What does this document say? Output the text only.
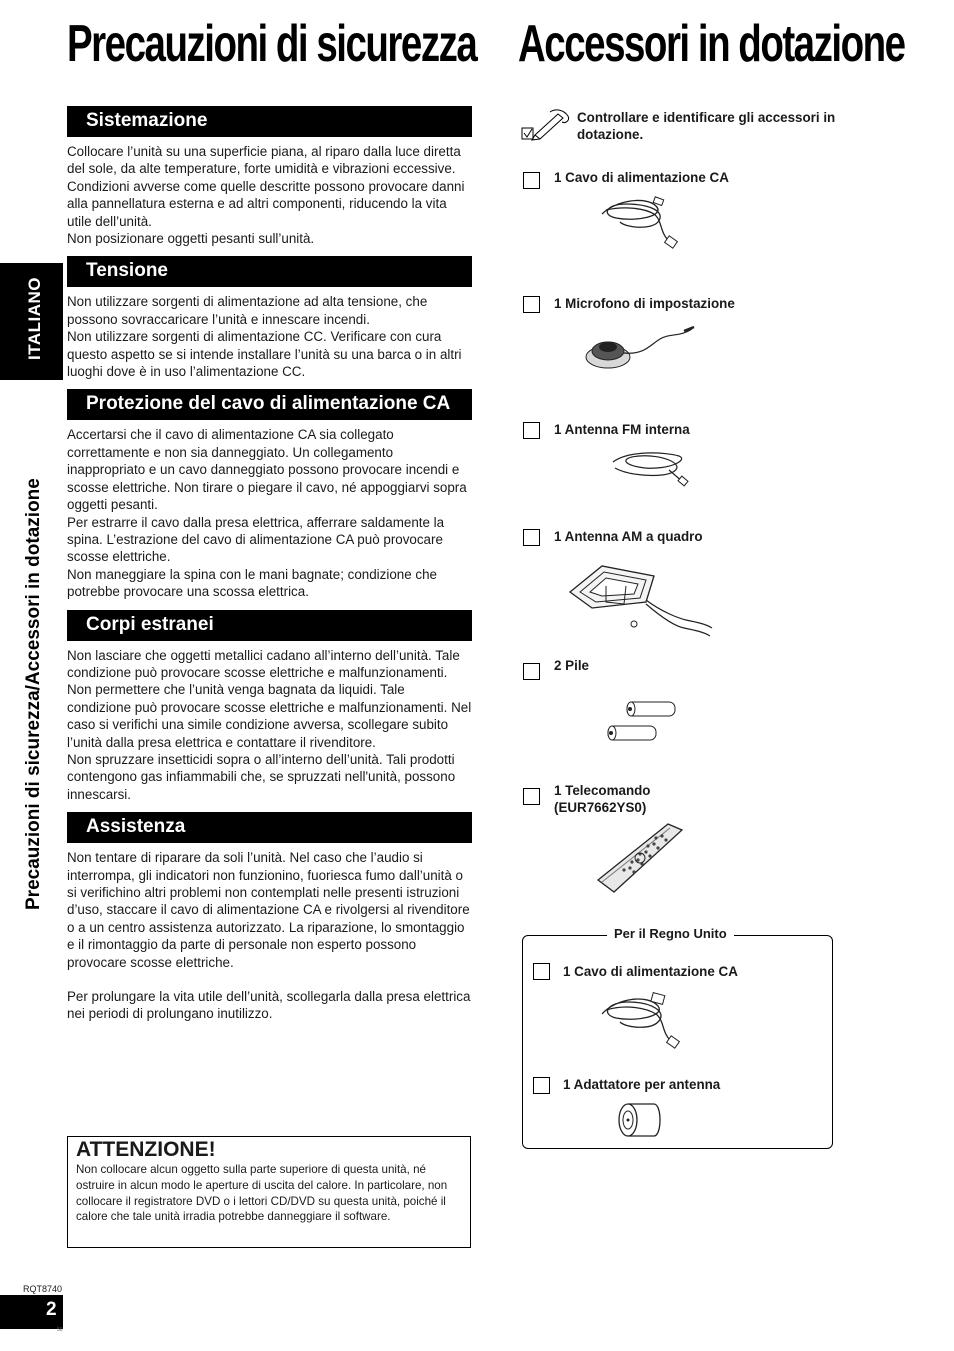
Precauzioni di sicurezza Accessori in dotazione
ITALIANO
Precauzioni di sicurezza/Accessori in dotazione
Sistemazione

Collocare l’unità su una superficie piana, al riparo dalla luce diretta del sole, da alte temperature, forte umidità e vibrazioni eccessive. Condizioni avverse come quelle descritte possono provocare danni alla pannellatura esterna e ad altri componenti, riducendo la vita utile dell’unità.

Non posizionare oggetti pesanti sull’unità.

Tensione

Non utilizzare sorgenti di alimentazione ad alta tensione, che possono sovraccaricare l’unità e innescare incendi.

Non utilizzare sorgenti di alimentazione CC. Verificare con cura questo aspetto se si intende installare l’unità su una barca o in altri luoghi dove è in uso l’alimentazione CC.

Protezione del cavo di alimentazione CA

Accertarsi che il cavo di alimentazione CA sia collegato correttamente e non sia danneggiato. Un collegamento inappropriato e un cavo danneggiato possono provocare incendi e scosse elettriche. Non tirare o piegare il cavo, né appoggiarvi sopra oggetti pesanti.

Per estrarre il cavo dalla presa elettrica, afferrare saldamente la spina. L’estrazione del cavo di alimentazione CA può provocare scosse elettriche.

Non maneggiare la spina con le mani bagnate; condizione che potrebbe provocare una scossa elettrica.

Corpi estranei

Non lasciare che oggetti metallici cadano all’interno dell’unità. Tale condizione può provocare scosse elettriche e malfunzionamenti.

Non permettere che l’unità venga bagnata da liquidi. Tale condizione può provocare scosse elettriche e malfunzionamenti. Nel caso si verifichi una simile condizione avversa, scollegare subito l’unità dalla presa elettrica e contattare il rivenditore.

Non spruzzare insetticidi sopra o all’interno dell’unità. Tali prodotti contengono gas infiammabili che, se spruzzati nell'unità, possono innescarsi.

Assistenza

Non tentare di riparare da soli l’unità. Nel caso che l’audio si interrompa, gli indicatori non funzionino, fuoriesca fumo dall’unità o si verifichino altri problemi non contemplati nelle presenti istruzioni d’uso, staccare il cavo di alimentazione CA e rivolgersi al rivenditore o a un centro assistenza autorizzato. La riparazione, lo smontaggio e il rimontaggio da parte di personale non esperto possono provocare scosse elettriche.

Per prolungare la vita utile dell’unità, scollegarla dalla presa elettrica nei periodi di prolungano inutilizzo.

ATTENZIONE!
Non collocare alcun oggetto sulla parte superiore di questa unità, né ostruire in alcun modo le aperture di uscita del calore. In particolare, non collocare il registratore DVD o i lettori CD/DVD su questa unità, poiché il calore che tale unità irradia potrebbe danneggiare il software.
Controllare e identificare gli accessori in dotazione.
1 Cavo di alimentazione CA
1 Microfono di impostazione
1 Antenna FM interna
1 Antenna AM a quadro
2 Pile
1 Telecomando
(EUR7662YS0)
Per il Regno Unito
1 Cavo di alimentazione CA
1 Adattatore per antenna
RQT8740
2
50
